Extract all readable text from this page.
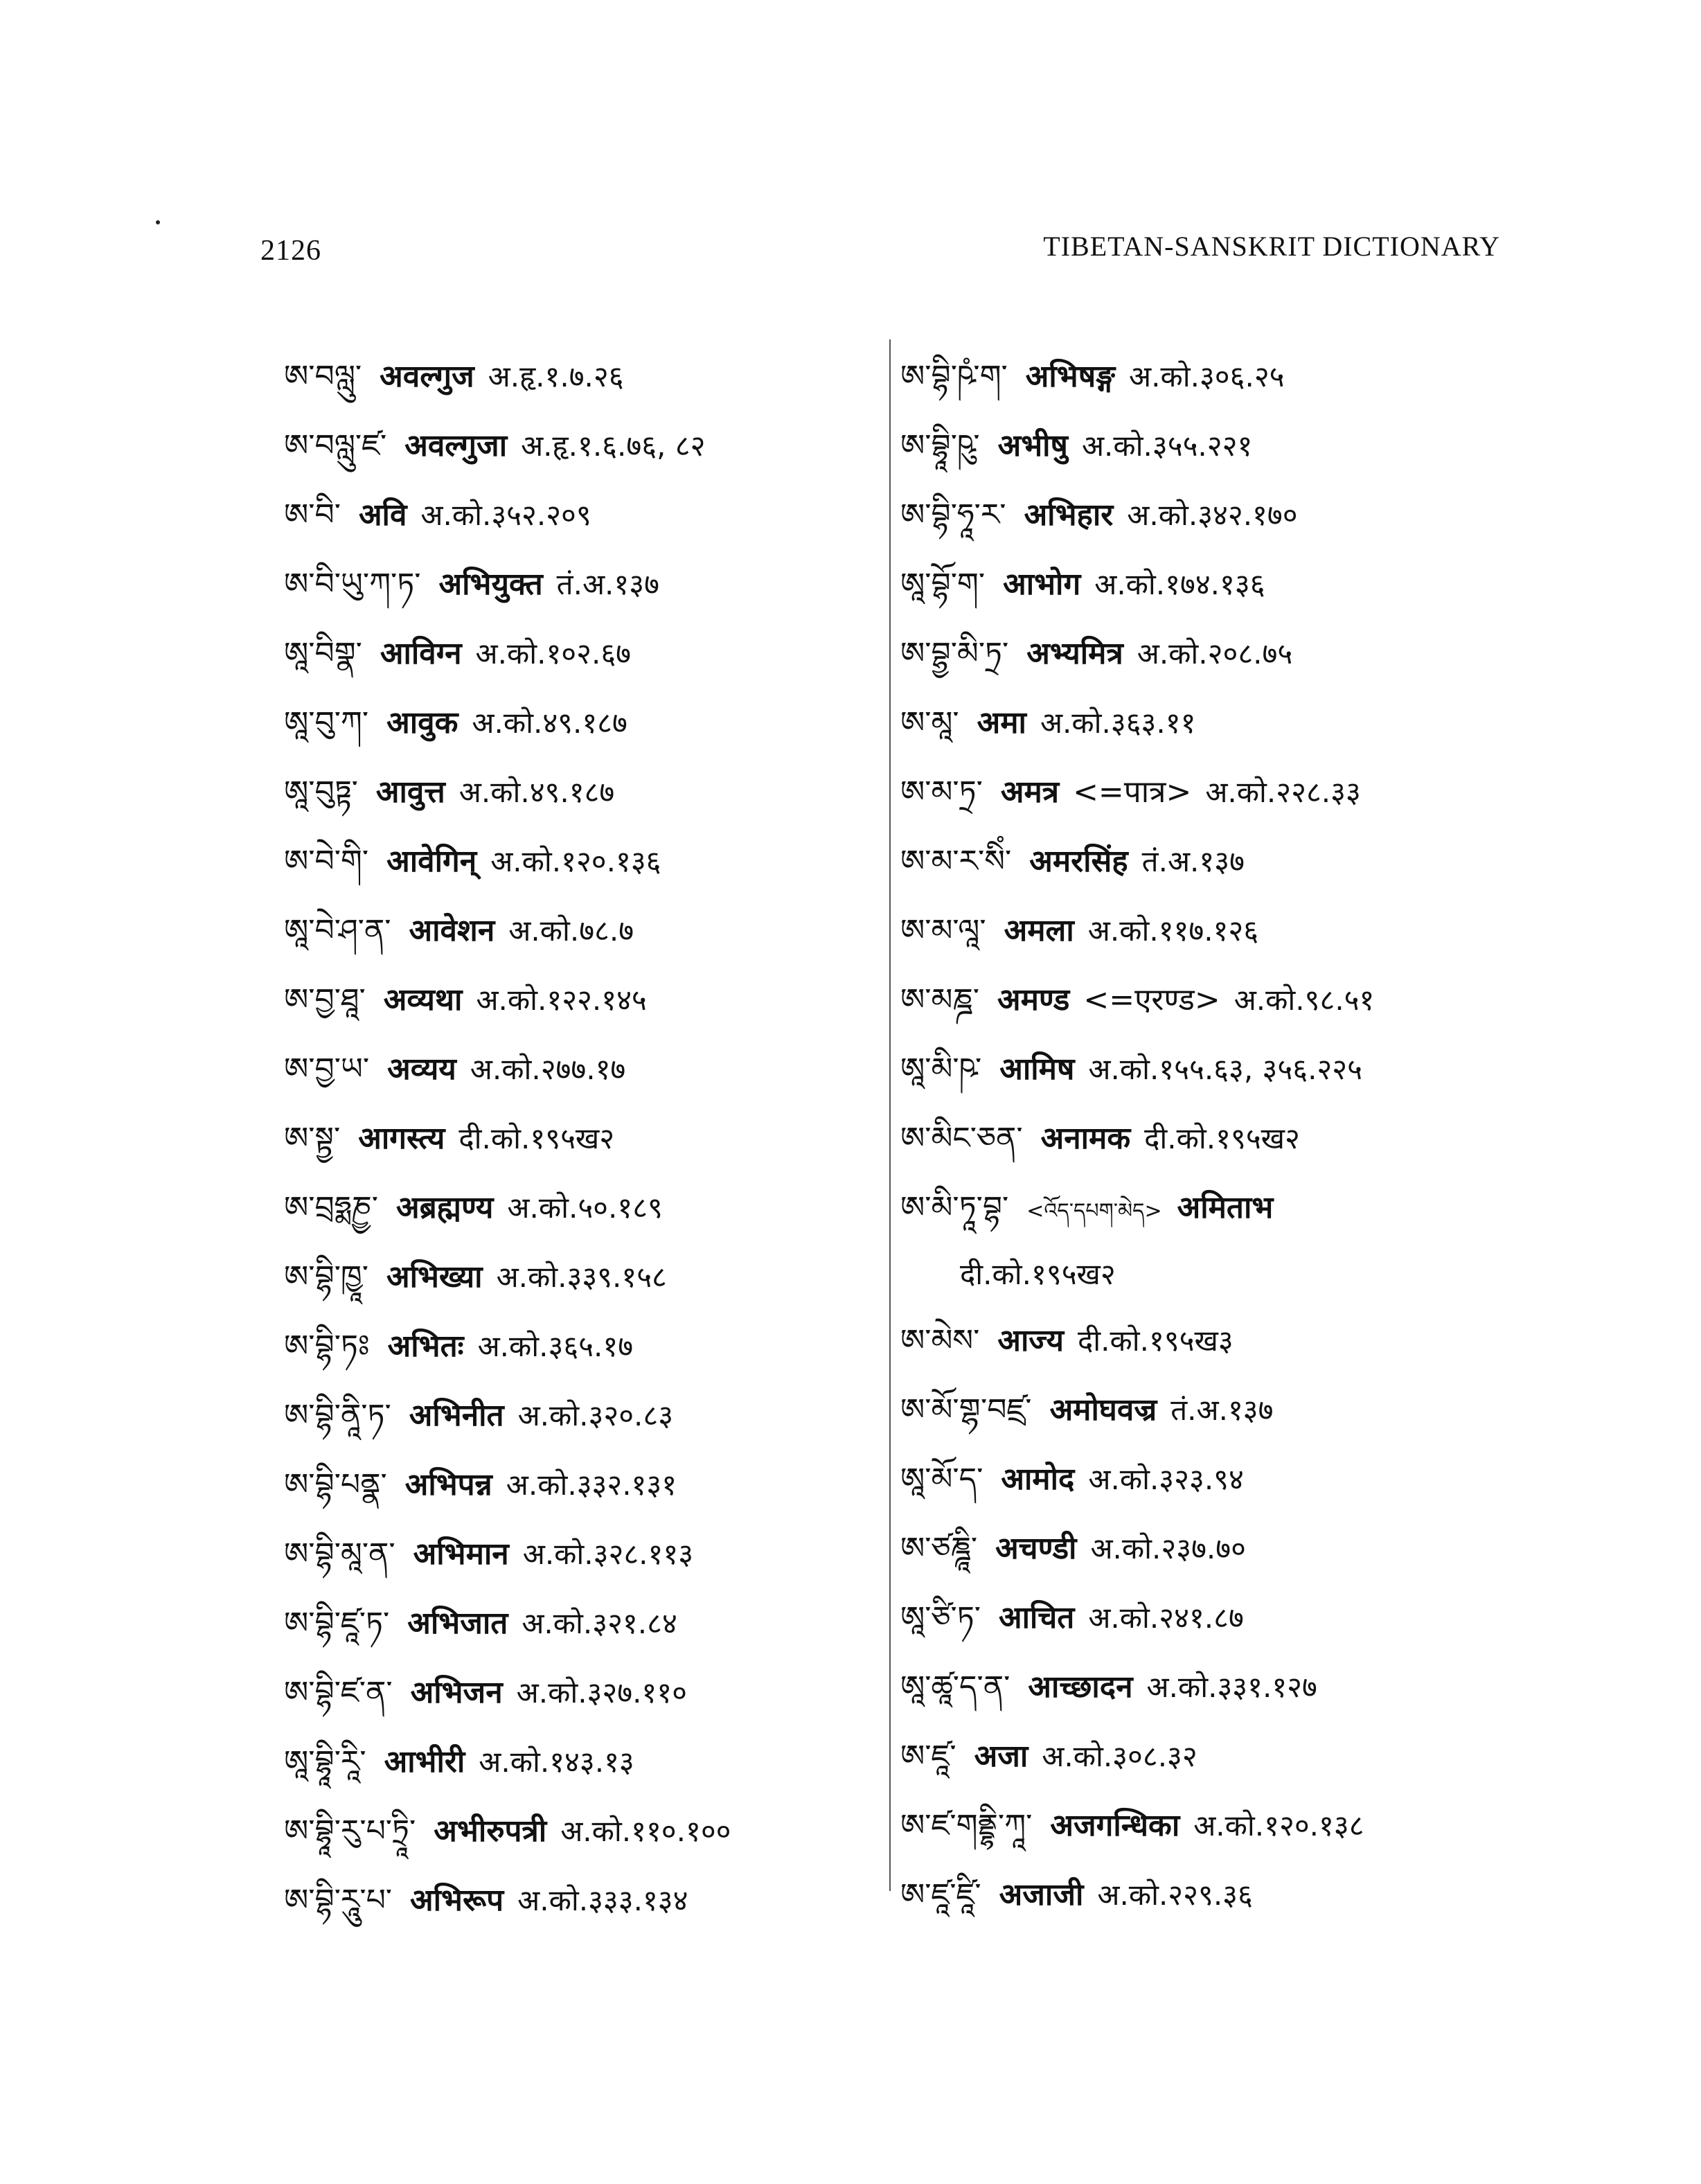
2126	TIBETAN-SANSKRIT DICTIONARY
ཨ་བལླུ་ अवल्गुज अ.हृ.१.७.२६
ཨ་བལླུ་ཛ་ अवल्गुजा अ.हृ.१.६.७६, ८२
ཨ་བི་ अवि अ.को.३५२.२०९
ཨ་བི་ཡུ་ཀ་ཏ་ अभियुक्त तं.अ.१३७
ཨཱ་བིགྣ་ आविग्न अ.को.१०२.६७
ཨཱ་བུ་ཀ་ आवुक अ.को.४९.१८७
ཨཱ་བུཏྟ་ आवुत्त अ.को.४९.१८७
ཨ་བེ་གི་ आवेगिन् अ.को.१२०.१३६
ཨཱ་བེ་ཤ་ན་ आवेशन अ.को.७८.७
ཨ་བྱ་ཐཱ་ अव्यथा अ.को.१२२.१४५
ཨ་བྱ་ཡ་ अव्यय अ.को.२७७.१७
ཨ་སྟྱ་ आगस्त्य दी.को.१९५ख२
ཨ་བྲཧྨཎྱ་ अब्रह्मण्य अ.को.५०.१८९
ཨ་བྷི་ཁྱཱ་ अभिख्या अ.को.३३९.१५८
ཨ་བྷི་ཏཿ अभितः अ.को.३६५.१७
ཨ་བྷི་ནཱི་ཏ་ अभिनीत अ.को.३२०.८३
ཨ་བྷི་པནྣ་ अभिपन्न अ.को.३३२.१३१
ཨ་བྷི་མཱ་ན་ अभिमान अ.को.३२८.११३
ཨ་བྷི་ཛཱ་ཏ་ अभिजात अ.को.३२१.८४
ཨ་བྷི་ཛ་ན་ अभिजन अ.को.३२७.११०
ཨཱ་བྷཱི་རཱི་ आभीरी अ.को.१४३.१३
ཨ་བྷཱི་རུ་པ་ཏྲཱི་ अभीरुपत्री अ.को.११०.१००
ཨ་བྷི་རཱུ་པ་ अभिरूप अ.को.३३३.१३४
ཨ་བྷི་ཥཾ་ག་ अभिषङ्ग अ.को.३०६.२५
ཨ་བྷཱི་ཥུ་ अभीषु अ.को.३५५.२२१
ཨ་བྷི་ཧཱ་ར་ अभिहार अ.को.३४२.१७०
ཨཱ་བྷོ་ག་ आभोग अ.को.१७४.१३६
ཨ་བྷྱ་མི་ཏྲ་ अभ्यमित्र अ.को.२०८.७५
ཨ་མཱ་ अमा अ.को.३६३.११
ཨ་མ་ཏྲ་ अमत्र <=पात्र> अ.को.२२८.३३
ཨ་མ་ར་སིཾ་ अमरसिंह तं.अ.१३७
ཨ་མ་ལཱ་ अमला अ.को.११७.१२६
ཨ་མཎྜ་ अमण्ड <=एरण्ड> अ.को.९८.५१
ཨཱ་མི་ཥ་ आमिष अ.को.१५५.६३, ३५६.२२५
ཨ་མིང་ཅན་ अनामक दी.को.१९५ख२
ཨ་མི་ཏཱ་བྷ་ <འོད་དཔག་མེད> अमिताभ
दी.को.१९५ख२
ཨ་མེས་ आज्य दी.को.१९५ख३
ཨ་མོ་གྷ་བཛྲ་ अमोघवज्र तं.अ.१३७
ཨཱ་མོ་ད་ आमोद अ.को.३२३.९४
ཨ་ཙཎྜཱི་ अचण्डी अ.को.२३७.७०
ཨཱ་ཙི་ཏ་ आचित अ.को.२४१.८७
ཨཱ་ཚཱ་ད་ན་ आच्छादन अ.को.३३१.१२७
ཨ་ཛཱ་ अजा अ.को.३०८.३२
ཨ་ཛ་གནྡྷི་ཀཱ་ अजगन्धिका अ.को.१२०.१३८
ཨ་ཛཱ་ཛཱི་ अजाजी अ.को.२२९.३६
